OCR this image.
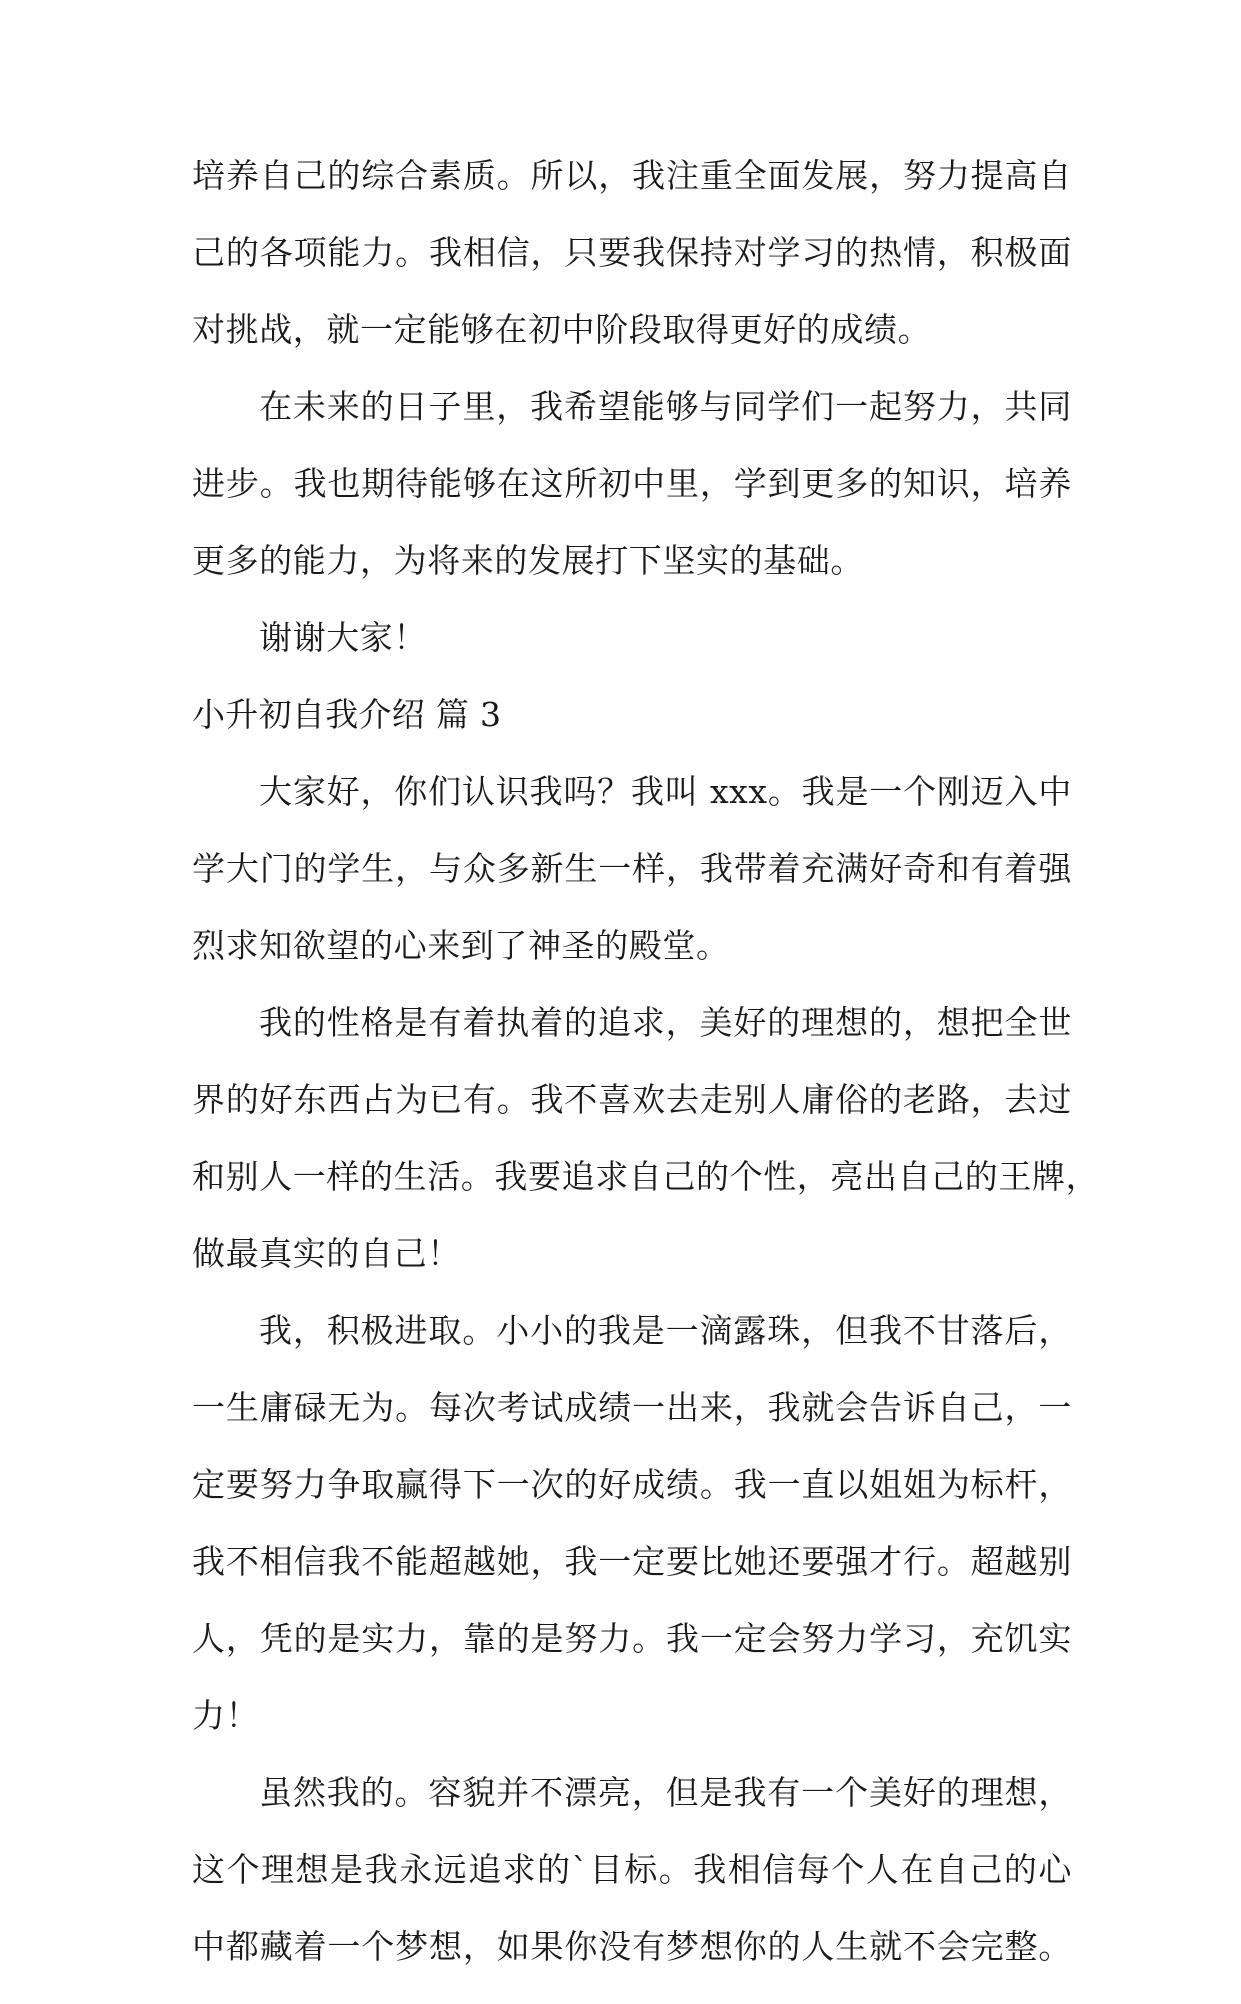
培养自己的综合素质。所以，我注重全面发展，努力提高自
己的各项能力。我相信，只要我保持对学习的热情，积极面
对挑战，就一定能够在初中阶段取得更好的成绩。
在未来的日子里，我希望能够与同学们一起努力，共同
进步。我也期待能够在这所初中里，学到更多的知识，培养
更多的能力，为将来的发展打下坚实的基础。
谢谢大家！
小升初自我介绍 篇 3
大家好，你们认识我吗？我叫 xxx。我是一个刚迈入中
学大门的学生，与众多新生一样，我带着充满好奇和有着强
烈求知欲望的心来到了神圣的殿堂。
我的性格是有着执着的追求，美好的理想的，想把全世
界的好东西占为已有。我不喜欢去走别人庸俗的老路，去过
和别人一样的生活。我要追求自己的个性，亮出自己的王牌，
做最真实的自己！
我，积极进取。小小的我是一滴露珠，但我不甘落后，
一生庸碌无为。每次考试成绩一出来，我就会告诉自己，一
定要努力争取赢得下一次的好成绩。我一直以姐姐为标杆，
我不相信我不能超越她，我一定要比她还要强才行。超越别
人，凭的是实力，靠的是努力。我一定会努力学习，充饥实
力！
虽然我的。容貌并不漂亮，但是我有一个美好的理想，
这个理想是我永远追求的`目标。我相信每个人在自己的心
中都藏着一个梦想，如果你没有梦想你的人生就不会完整。
